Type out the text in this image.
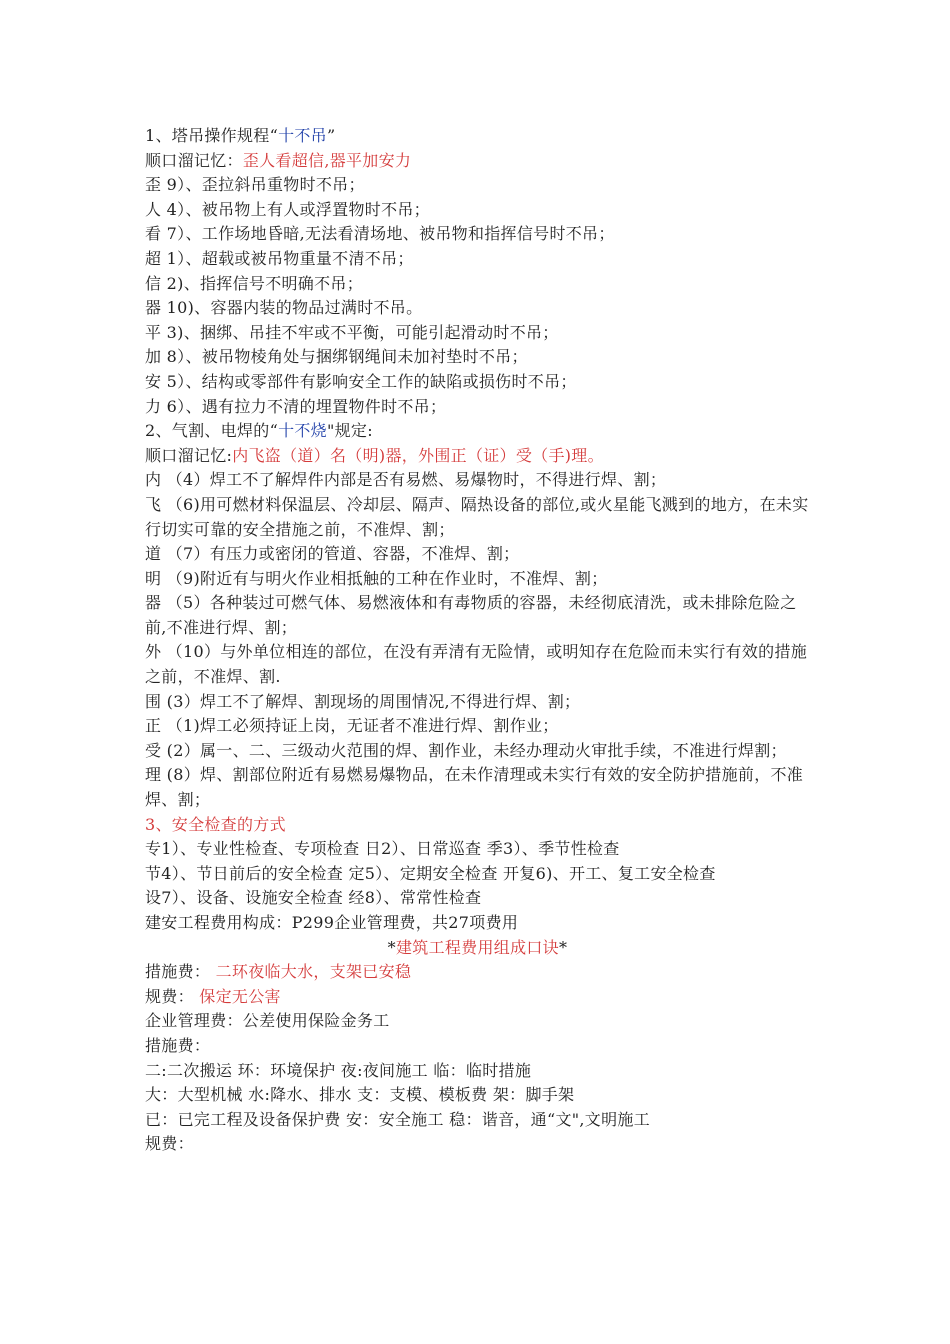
1、塔吊操作规程“十不吊”
顺口溜记忆：歪人看超信,器平加安力
歪 9）、歪拉斜吊重物时不吊；
人 4）、被吊物上有人或浮置物时不吊；
看 7）、工作场地昏暗,无法看清场地、被吊物和指挥信号时不吊；
超 1）、超载或被吊物重量不清不吊；
信 2)、指挥信号不明确不吊；
器 10)、容器内装的物品过满时不吊。
平 3)、捆绑、吊挂不牢或不平衡，可能引起滑动时不吊；
加 8）、被吊物棱角处与捆绑钢绳间未加衬垫时不吊；
安 5）、结构或零部件有影响安全工作的缺陷或损伤时不吊；
力 6）、遇有拉力不清的埋置物件时不吊；
2、气割、电焊的“十不烧"规定:
顺口溜记忆:内飞盗（道）名（明)器，外围正（证）受（手)理。
内 （4）焊工不了解焊件内部是否有易燃、易爆物时，不得进行焊、割；
飞 （6)用可燃材料保温层、冷却层、隔声、隔热设备的部位,或火星能飞溅到的地方，在未实行切实可靠的安全措施之前，不准焊、割；
道 （7）有压力或密闭的管道、容器，不准焊、割；
明 （9)附近有与明火作业相抵触的工种在作业时，不准焊、割；
器 （5）各种装过可燃气体、易燃液体和有毒物质的容器，未经彻底清洗，或未排除危险之前,不准进行焊、割；
外 （10）与外单位相连的部位，在没有弄清有无险情，或明知存在危险而未实行有效的措施之前，不准焊、割.
围 (3）焊工不了解焊、割现场的周围情况,不得进行焊、割；
正 （1)焊工必须持证上岗，无证者不准进行焊、割作业；
受 (2）属一、二、三级动火范围的焊、割作业，未经办理动火审批手续，不准进行焊割；
理 (8）焊、割部位附近有易燃易爆物品，在未作清理或未实行有效的安全防护措施前，不准焊、割；
3、安全检查的方式
专1）、专业性检查、专项检查 日2）、日常巡查 季3）、季节性检查
节4）、节日前后的安全检查 定5）、定期安全检查 开复6)、开工、复工安全检查
设7）、设备、设施安全检查 经8）、常常性检查
建安工程费用构成：P299企业管理费，共27项费用
*建筑工程费用组成口诀*
措施费： 二环夜临大水，支架已安稳
规费： 保定无公害
企业管理费：公差使用保险金务工
措施费：
二:二次搬运 环：环境保护 夜:夜间施工 临：临时措施
大：大型机械 水:降水、排水 支：支模、模板费 架：脚手架
已：已完工程及设备保护费 安：安全施工 稳：谐音，通“文",文明施工
规费：
